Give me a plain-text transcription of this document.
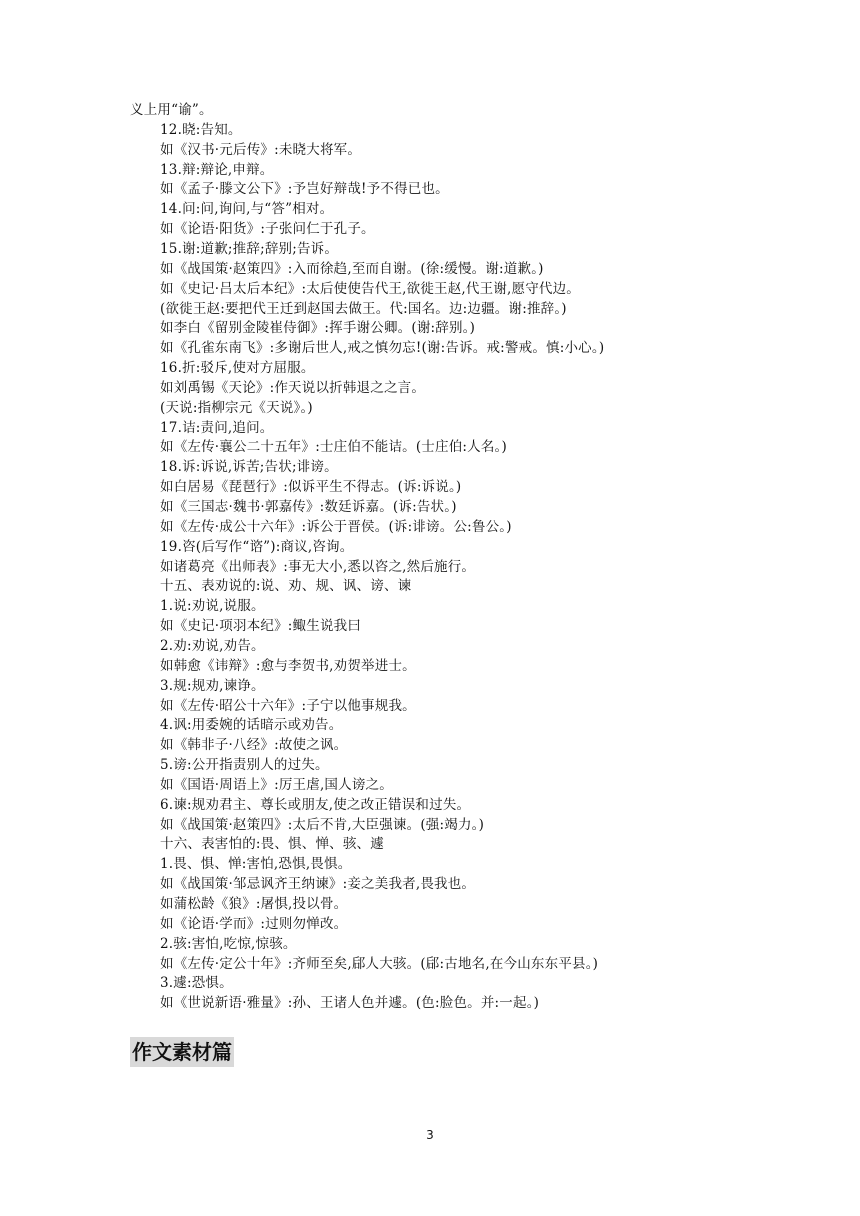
义上用“谕”。
12.晓:告知。
如《汉书·元后传》:未晓大将军。
13.辩:辩论,申辩。
如《孟子·滕文公下》:予岂好辩哉!予不得已也。
14.问:问,询问,与“答”相对。
如《论语·阳货》:子张问仁于孔子。
15.谢:道歉;推辞;辞别;告诉。
如《战国策·赵策四》:入而徐趋,至而自谢。(徐:缓慢。谢:道歉。)
如《史记·吕太后本纪》:太后使使告代王,欲徙王赵,代王谢,愿守代边。
(欲徙王赵:要把代王迁到赵国去做王。代:国名。边:边疆。谢:推辞。)
如李白《留别金陵崔侍御》:挥手谢公卿。(谢:辞别。)
如《孔雀东南飞》:多谢后世人,戒之慎勿忘!(谢:告诉。戒:警戒。慎:小心。)
16.折:驳斥,使对方屈服。
如刘禹锡《天论》:作天说以折韩退之之言。
(天说:指柳宗元《天说》。)
17.诘:责问,追问。
如《左传·襄公二十五年》:士庄伯不能诘。(士庄伯:人名。)
18.诉:诉说,诉苦;告状;诽谤。
如白居易《琵琶行》:似诉平生不得志。(诉:诉说。)
如《三国志·魏书·郭嘉传》:数廷诉嘉。(诉:告状。)
如《左传·成公十六年》:诉公于晋侯。(诉:诽谤。公:鲁公。)
19.咨(后写作“谘”):商议,咨询。
如诸葛亮《出师表》:事无大小,悉以咨之,然后施行。
十五、表劝说的:说、劝、规、讽、谤、谏
1.说:劝说,说服。
如《史记·项羽本纪》:鲰生说我曰
2.劝:劝说,劝告。
如韩愈《讳辩》:愈与李贺书,劝贺举进士。
3.规:规劝,谏诤。
如《左传·昭公十六年》:子宁以他事规我。
4.讽:用委婉的话暗示或劝告。
如《韩非子·八经》:故使之讽。
5.谤:公开指责别人的过失。
如《国语·周语上》:厉王虐,国人谤之。
6.谏:规劝君主、尊长或朋友,使之改正错误和过失。
如《战国策·赵策四》:太后不肯,大臣强谏。(强:竭力。)
十六、表害怕的:畏、惧、惮、骇、遽
1.畏、惧、惮:害怕,恐惧,畏惧。
如《战国策·邹忌讽齐王纳谏》:妾之美我者,畏我也。
如蒲松龄《狼》:屠惧,投以骨。
如《论语·学而》:过则勿惮改。
2.骇:害怕,吃惊,惊骇。
如《左传·定公十年》:齐师至矣,郈人大骇。(郈:古地名,在今山东东平县。)
3.遽:恐惧。
如《世说新语·雅量》:孙、王诸人色并遽。(色:脸色。并:一起。)
作文素材篇
3
